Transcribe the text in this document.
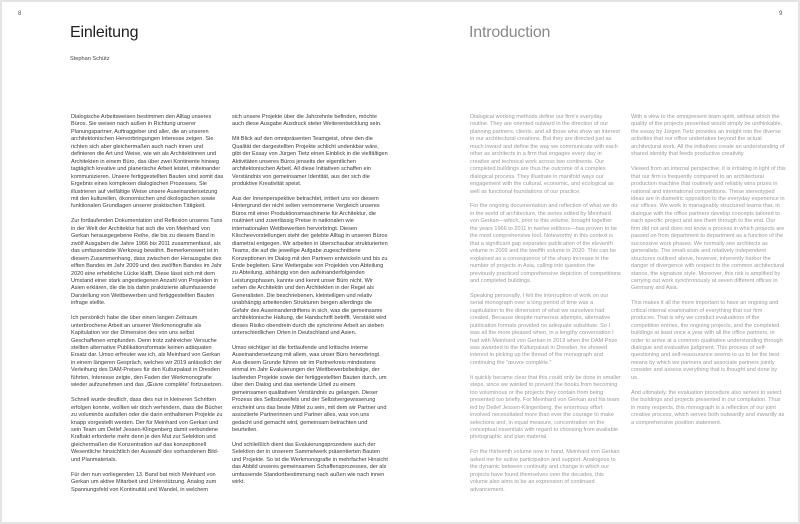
8	9
Einleitung
Stephan Schütz
Introduction

Dialogische Arbeitsweisen bestimmen den Alltag unseres Büros. Sie weisen nach außen in Richtung unserer Planungspartner, Auftraggeber und aller, die an unseren architektonischen Hervorbringungen Interesse zeigen. Sie richten sich aber gleichermaßen auch nach innen und definieren die Art und Weise, wie wir als Architektinnen und Architekten in einem Büro, das über zwei Kontinente hinweg tagtäglich kreative und planerische Arbeit leistet, miteinander kommunizieren. Unsere fertiggestellten Bauten sind somit das Ergebnis eines komplexen dialogischen Prozesses. Sie illustrieren auf vielfältige Weise unsere Auseinandersetzung mit den kulturellen, ökonomischen und ökologischen sowie funktionalen Grundlagen unserer praktischen Tätigkeit.

Zur fortlaufenden Dokumentation und Reflexion unseres Tuns in der Welt der Architektur hat sich die von Meinhard von Gerkan herausgegebene Reihe, die bis zu diesem Band in zwölf Ausgaben die Jahre 1966 bis 2011 zusammenfasst, als das umfassendste Werkzeug bewährt. Bemerkenswert ist in diesem Zusammenhang, dass zwischen der Herausgabe des elften Bandes im Jahr 2009 und des zwölften Bandes im Jahr 2020 eine erhebliche Lücke klafft. Diese lässt sich mit dem Umstand einer stark angestiegenen Anzahl von Projekten in Asien erklären, die die bis dahin praktizierte allumfassende Darstellung von Wettbewerben und fertiggestellten Bauten infrage stellte.

Ich persönlich habe die über einen langen Zeitraum unterbrochene Arbeit an unserer Werkmonografie als Kapitulation vor der Dimension des von uns selbst Geschaffenen empfunden. Denn trotz zahlreicher Versuche stellten alternative Publikationsformate keinen adäquaten Ersatz dar. Umso erfreuter war ich, als Meinhard von Gerkan in einem längeren Gespräch, welches wir 2019 anlässlich der Verleihung des DAM-Preises für den Kulturpalast in Dresden führten, Interesse zeigte, den Faden der Werkmonografie wieder aufzunehmen und das „Œuvre complète“ fortzusetzen.

Schnell wurde deutlich, dass dies nur in kleineren Schritten erfolgen konnte, wollten wir doch verhindern, dass die Bücher zu voluminös ausfallen oder die darin enthaltenen Projekte zu knapp vorgestellt werden. Der für Meinhard von Gerkan und sein Team um Detlef Jessen-Klingenberg damit verbundene Kraftakt erforderte mehr denn je den Mut zur Selektion und gleichermaßen die Konzentration auf das konzeptionell Wesentliche hinsichtlich der Auswahl des vorhandenen Bild- und Planmaterials.

Für den nun vorliegenden 13. Band bat mich Meinhard von Gerkan um aktive Mitarbeit und Unterstützung. Analog zum Spannungsfeld von Kontinuität und Wandel, in welchem

sich unsere Projekte über die Jahrzehnte befinden, möchte auch diese Ausgabe Ausdruck steter Weiterentwicklung sein.

Mit Blick auf den omnipräsenten Teamgeist, ohne den die Qualität der dargestellten Projekte schlicht undenkbar wäre, gibt der Essay von Jürgen Tietz einen Einblick in die vielfältigen Aktivitäten unseres Büros jenseits der eigentlichen architektonischen Arbeit. All diese Initiativen schaffen ein Verständnis von gemeinsamer Identität, aus der sich die produktive Kreativität speist.

Aus der Innenperspektive betrachtet, irritiert uns vor diesem Hintergrund der nicht selten vernommene Vergleich unseres Büros mit einer Produktionsmaschinerie für Architektur, die routiniert und zuverlässig Preise in nationalen wie internationalen Wettbewerben hervorbringt. Diesen Klischeevorstellungen steht der gelebte Alltag in unseren Büros diametral entgegen. Wir arbeiten in überschaubar strukturierten Teams, die auf die jeweilige Aufgabe zugeschnittene Konzeptionen im Dialog mit den Partnern entwickeln und bis zu Ende begleiten. Eine Weitergabe von Projekten von Abteilung zu Abteilung, abhängig von den aufeinanderfolgenden Leistungsphasen, kannte und kennt unser Büro nicht. Wir sehen die Architektin und den Architekten in der Regel als Generalisten. Die beschriebenen, kleinteiligen und relativ unabhängig arbeitenden Strukturen bergen allerdings die Gefahr des Auseinanderdriftens in sich, was die gemeinsame architektonische Haltung, die Handschrift betrifft. Verstärkt wird dieses Risiko obendrein durch die synchrone Arbeit an sieben unterschiedlichen Orten in Deutschland und Asien.

Umso wichtiger ist die fortlaufende und kritische interne Auseinandersetzung mit allem, was unser Büro hervorbringt. Aus diesem Grunde führen wir im Partnerkreis mindestens einmal im Jahr Evaluierungen der Wettbewerbsbeiträge, der laufenden Projekte sowie der fertiggestellten Bauten durch, um über den Dialog und das wertende Urteil zu einem gemeinsamen qualitativen Verständnis zu gelangen. Dieser Prozess des Selbstzweifels und der Selbstvergewisserung erscheint uns das beste Mittel zu sein, mit dem wir Partner und assoziierte Partnerinnen und Partner alles, was von uns gedacht und gemacht wird, gemeinsam betrachten und beurteilen.

Und schließlich dient das Evaluierungsprozedere auch der Selektion der in unserem Sammelwerk präsentierten Bauten und Projekte. So ist die Werkmonografie in mehrfacher Hinsicht das Abbild unseres gemeinsamen Schaffensprozesses, der als umfassende Standortbestimmung nach außen wie nach innen wirkt.

Dialogical working methods define our firm's everyday routine. They are oriented outward in the direction of our planning partners, clients, and all those who show an interest in our architectural creations. But they are directed just as much inward and define the way we communicate with each other as architects in a firm that engages every day in creative and technical work across two continents. Our completed buildings are thus the outcome of a complex dialogical process. They illustrate in manifold ways our engagement with the cultural, economic, and ecological as well as functional foundations of our practice.

For the ongoing documentation and reflection of what we do in the world of architecture, the series edited by Meinhard von Gerkan—which, prior to this volume, brought together the years 1966 to 2011 in twelve editions—has proven to be the most comprehensive tool. Noteworthy in this context is that a significant gap separates publication of the eleventh volume in 2009 and the twelfth volume in 2020. This can be explained as a consequence of the sharp increase in the number of projects in Asia, calling into question the previously practiced comprehensive depiction of competitions and completed buildings.

Speaking personally, I felt the interruption of work on our serial monograph over a long period of time was a capitulation to the dimension of what we ourselves had created. Because despite numerous attempts, alternative publication formats provided no adequate substitute. So I was all the more pleased when, in a lengthy conversation I had with Meinhard von Gerkan in 2019 when the DAM Prize was awarded to the Kulturpalast in Dresden, he showed interest in picking up the thread of the monograph and continuing the “œuvre complète.”

It quickly became clear that this could only be done in smaller steps, since we wanted to prevent the books from becoming too voluminous or the projects they contain from being presented too briefly. For Meinhard von Gerkan and his team led by Detlef Jessen-Klingenberg, the enormous effort involved necessitated more than ever the courage to make selections and, in equal measure, concentration on the conceptual essentials with regard to choosing from available photographic and plan material.

For the thirteenth volume now in hand, Meinhard von Gerkan asked me for active participation and support. Analogous to the dynamic between continuity and change in which our projects have found themselves over the decades, this volume also aims to be an expression of continued advancement.

With a view to the omnipresent team spirit, without which the quality of the projects presented would simply be unthinkable, the essay by Jürgen Tietz provides an insight into the diverse activities that our office undertakes beyond the actual architectural work. All the initiatives create an understanding of shared identity that feeds productive creativity.

Viewed from an internal perspective, it is irritating in light of this that our firm is frequently compared to an architectural production machine that routinely and reliably wins prizes in national and international competitions. These stereotyped ideas are in diametric opposition to the everyday experience in our offices. We work in manageably structured teams that, in dialogue with the office partners develop concepts tailored to each specific project and see them through to the end. Our firm did not and does not know a process in which projects are passed on from department to department as a function of the successive work phases. We normally see architects as generalists. The small-scale and relatively independent structures outlined above, however, inherently harbor the danger of divergence with respect to the common architectural stance, the signature style. Moreover, this risk is amplified by carrying out work synchronously at seven different offices in Germany and Asia.

This makes it all the more important to have an ongoing and critical internal examination of everything that our firm produces. That is why we conduct evaluations of the competition entries, the ongoing projects, and the completed buildings at least once a year with all the office partners, in order to arrive at a common qualitative understanding through dialogue and evaluative judgment. This process of self-questioning and self-reassurance seems to us to be the best means by which we partners and associate partners jointly consider and assess everything that is thought and done by us.

And ultimately, the evaluation procedure also serves to select the buildings and projects presented in our compilation. Thus in many respects, this monograph is a reflection of our joint creative process, which serves both outwardly and inwardly as a comprehensive position statement.
